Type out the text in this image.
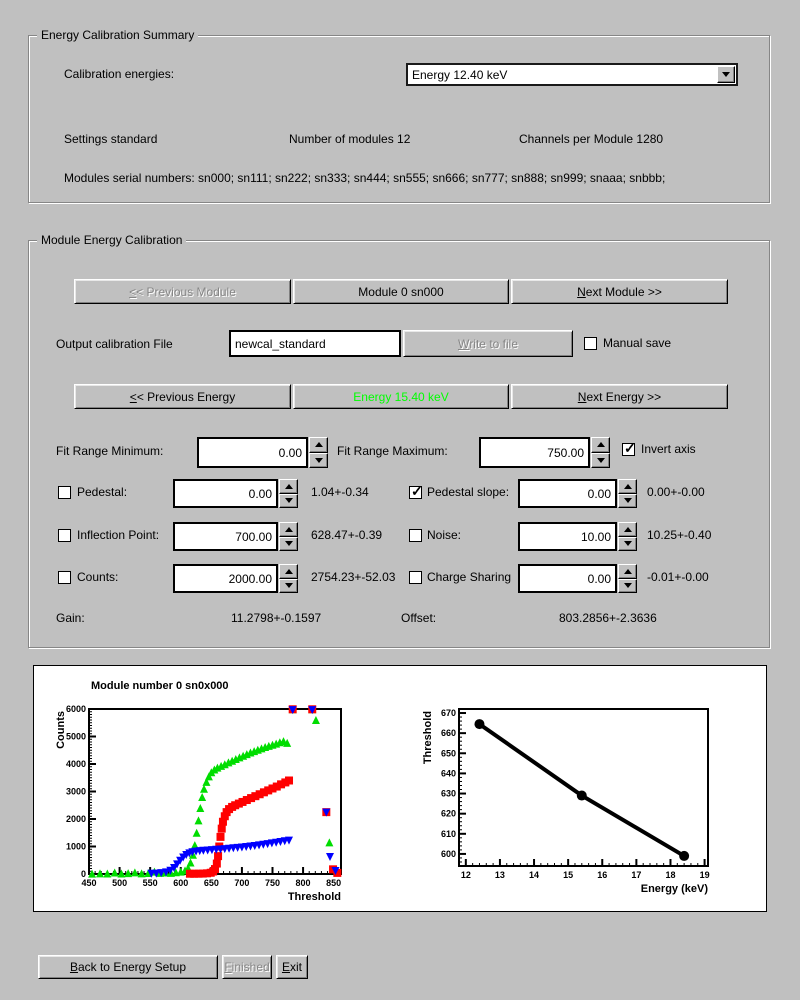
Energy Calibration Summary
Calibration energies:	Energy 12.40 keV
Settings standard	Number of modules 12	Channels per Module 1280
Modules serial numbers: sn000; sn111; sn222; sn333; sn444; sn555; sn666; sn777; sn888; sn999; snaaa; snbbb;
Module Energy Calibration
< < Previous Module	Module 0 sn000	N ext Module >>
Output calibration File
newcal_standard	W rite to file	Manual save
< < Previous Energy	Energy 15.40 keV	N ext Energy >>
Fit Range Minimum:	0.00	Fit Range Maximum:	750.00 ✓	Invert axis
Pedestal:	0.00	1.04+-0.34 ✓	Pedestal slope:	0.00	0.00+-0.00
Inflection Point:	700.00	628.47+-0.39	Noise:	10.00	10.25+-0.40
Counts:	2000.00	2754.23+-52.03	Charge Sharing	0.00	-0.01+-0.00
Gain:	11.2798+-0.1597	Offset:	803.2856+-2.3636
Module number 0 sn0x000
450 500 550 600 650 700 750 800 850
0
1000
2000
3000
4000
5000
6000
Threshold
Counts
12	13	14	15	16	17	18	19
600
610
620
630
640
650
660
670
Energy (keV)
Threshold
B ack to Energy Setup	F inished E xit
